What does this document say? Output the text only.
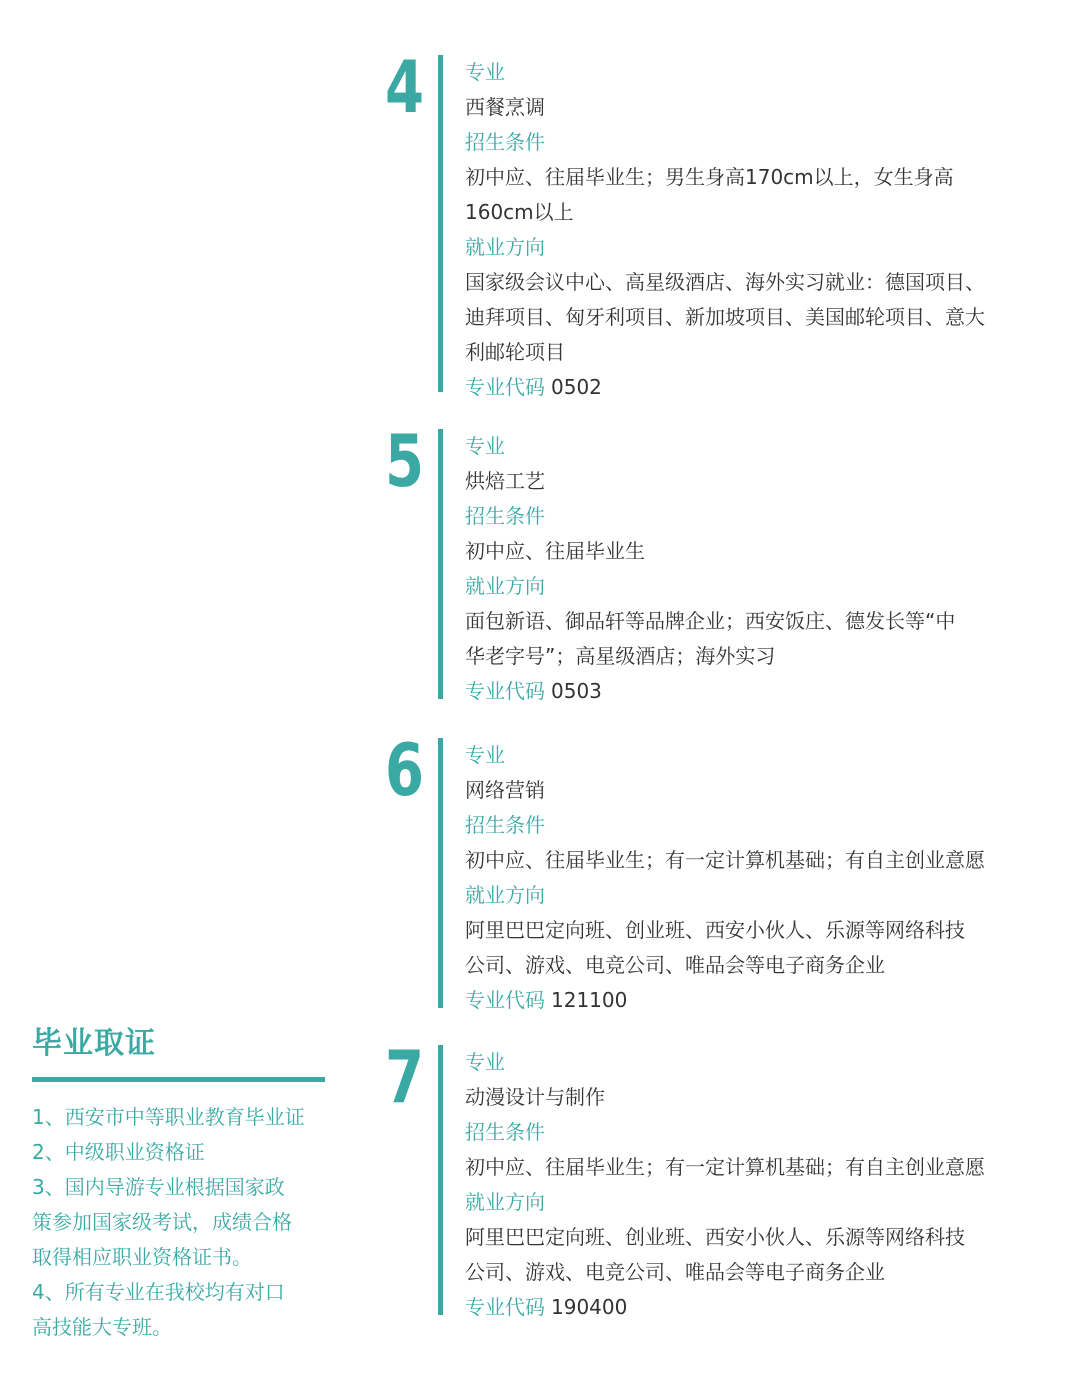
4 专业
西餐烹调
招生条件
初中应、往届毕业生；男生身高170cm以上，女生身高
160cm以上
就业方向
国家级会议中心、高星级酒店、海外实习就业：德国项目、
迪拜项目、匈牙利项目、新加坡项目、美国邮轮项目、意大
利邮轮项目
专业代码 0502
5 专业
烘焙工艺
招生条件
初中应、往届毕业生
就业方向
面包新语、御品轩等品牌企业；西安饭庄、德发长等“中
华老字号”；高星级酒店；海外实习
专业代码 0503
6 专业
网络营销
招生条件
初中应、往届毕业生；有一定计算机基础；有自主创业意愿
就业方向
阿里巴巴定向班、创业班、西安小伙人、乐源等网络科技
公司、游戏、电竞公司、唯品会等电子商务企业
专业代码 121100
7 专业
动漫设计与制作
招生条件
初中应、往届毕业生；有一定计算机基础；有自主创业意愿
就业方向
阿里巴巴定向班、创业班、西安小伙人、乐源等网络科技
公司、游戏、电竞公司、唯品会等电子商务企业
专业代码 190400
毕业取证
1、西安市中等职业教育毕业证
2、中级职业资格证
3、国内导游专业根据国家政
策参加国家级考试，成绩合格
取得相应职业资格证书。
4、所有专业在我校均有对口
高技能大专班。
